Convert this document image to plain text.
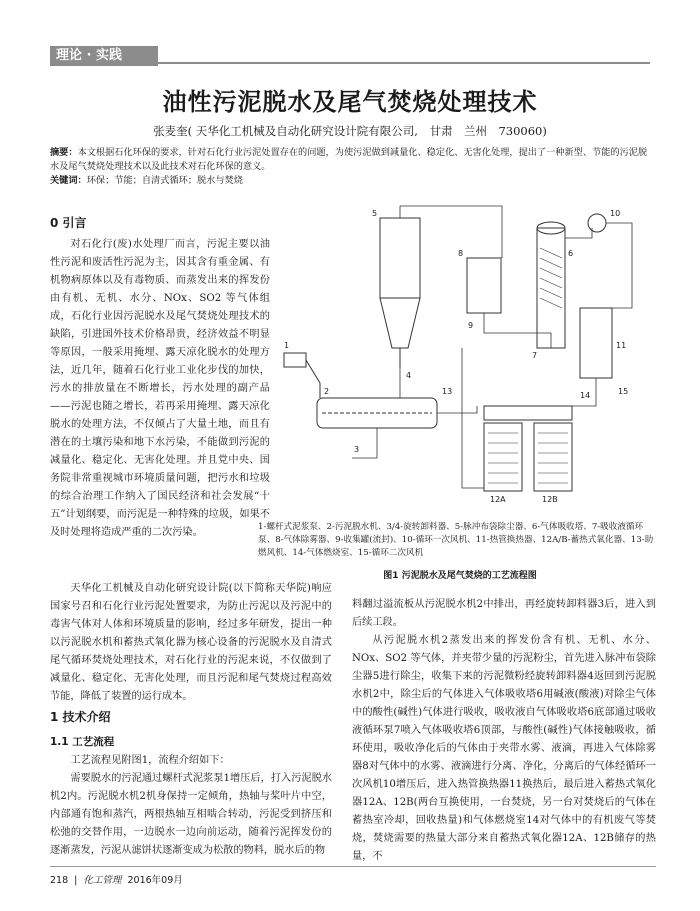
理论 · 实践
油性污泥脱水及尾气焚烧处理技术
张麦奎( 天华化工机械及自动化研究设计院有限公司,　甘肃　兰州　730060)
摘要：本文根据石化环保的要求，针对石化行业污泥处置存在的问题，为使污泥做到减量化、稳定化、无害化处理，提出了一种新型、节能的污泥脱水及尾气焚烧处理技术以及此技术对石化环保的意义。
关键词：环保；节能；自清式循环；脱水与焚烧
0 引言

对石化行(废)水处理厂而言，污泥主要以油性污泥和废活性污泥为主，因其含有重金属、有机物病原体以及有毒物质、而蒸发出来的挥发份由有机、无机、水分、NOx、SO2 等气体组成，石化行业因污泥脱水及尾气焚烧处理技术的缺陷，引进国外技术价格昂贵，经济效益不明显等原因，一般采用掩埋、露天凉化脱水的处理方法，近几年，随着石化行业工业化步伐的加快，污水的排放量在不断增长，污水处理的副产品——污泥也随之增长，若再采用掩埋、露天凉化脱水的处理方法，不仅倾占了大量土地，而且有潜在的土壤污染和地下水污染，不能做到污泥的减量化、稳定化、无害化处理。并且党中央、国务院非常重视城市环境质量问题，把污水和垃圾的综合治理工作纳入了国民经济和社会发展“十五”计划纲要，而污泥是一种特殊的垃圾，如果不及时处理将造成严重的二次污染。

天华化工机械及自动化研究设计院(以下简称天华院)响应国家号召和石化行业污泥处置要求，为防止污泥以及污泥中的毒害气体对人体和环境质量的影响，经过多年研发，提出一种以污泥脱水机和蓄热式氧化器为核心设备的污泥脱水及自清式尾气循环焚烧处理技术，对石化行业的污泥来说，不仅做到了减量化、稳定化、无害化处理，而且污泥和尾气焚烧过程高效节能，降低了装置的运行成本。

1 技术介绍
1.1 工艺流程

工艺流程见附图1，流程介绍如下：

需要脱水的污泥通过螺杆式泥浆泵1增压后，打入污泥脱水机2内。污泥脱水机2机身保持一定倾角，热轴与桨叶片中空，内部通有饱和蒸汽，两根热轴互相啮合转动，污泥受到挤压和松弛的交替作用，一边脱水一边向前运动，随着污泥挥发份的逐渐蒸发，污泥从滤饼状逐渐变成为松散的物料，脱水后的物

1
2
3
4
5
6
7
8
9
10
11
12A	12B
13	14	15
1-螺杆式泥浆泵、2-污泥脱水机、3/4-旋转卸料器、5-脉冲布袋除尘器、6-气体吸收塔、7-吸收液循环泵、8-气体除雾器、9-收集罐(流封)、10-循环一次风机、11-热管换热器、12A/B-蓄热式氧化器、13-助燃风机、14-气体燃烧室、15-循环二次风机
图1 污泥脱水及尾气焚烧的工艺流程图

料翻过溢流板从污泥脱水机2中排出，再经旋转卸料器3后，进入到后续工段。

从污泥脱水机2蒸发出来的挥发份含有机、无机、水分、NOx、SO2 等气体，并夹带少量的污泥粉尘，首先进入脉冲布袋除尘器5进行除尘，收集下来的污泥微粉经旋转卸料器4返回到污泥脱水机2中，除尘后的气体进入气体吸收塔6用碱液(酸液)对除尘气体中的酸性(碱性)气体进行吸收，吸收液自气体吸收塔6底部通过吸收液循环泵7喷入气体吸收塔6顶部，与酸性(碱性)气体接触吸收，循环使用，吸收净化后的气体由于夹带水雾、液滴，再进入气体除雾器8对气体中的水雾、液滴进行分离、净化，分离后的气体经循环一次风机10增压后，进入热管换热器11换热后，最后进入蓄热式氧化器12A、12B(两台互换使用，一台焚烧，另一台对焚烧后的气体在蓄热室冷却，回收热量)和气体燃烧室14对气体中的有机废气等焚烧，焚烧需要的热量大部分来自蓄热式氧化器12A、12B储存的热量，不

218  |  化工管理 2016年09月
